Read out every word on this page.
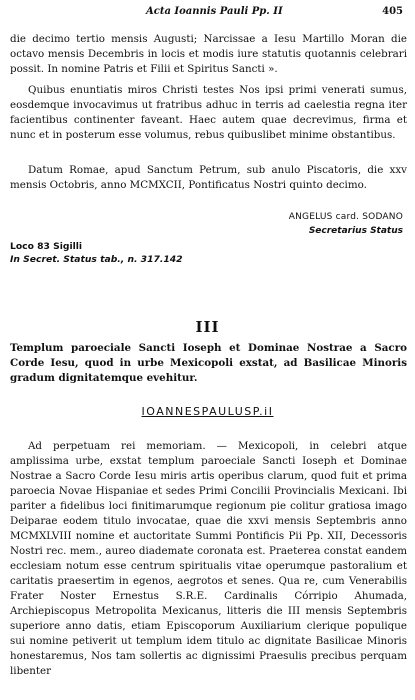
Acta Ioannis Pauli Pp. II	405

die decimo tertio mensis Augusti; Narcissae a Iesu Martillo Moran die octavo mensis Decembris in locis et modis iure statutis quotannis celebrari possit. In nomine Patris et Filii et Spiritus Sancti ».

Quibus enuntiatis miros Christi testes Nos ipsi primi venerati sumus, eosdemque invocavimus ut fratribus adhuc in terris ad caelestia regna iter facientibus continenter faveant. Haec autem quae decrevimus, firma et nunc et in posterum esse volumus, rebus quibuslibet minime obstantibus.

Datum Romae, apud Sanctum Petrum, sub anulo Piscatoris, die xxv mensis Octobris, anno MCMXCII, Pontificatus Nostri quinto decimo.

ANGELUS card. SODANO
Secretarius Status
Loco 83 Sigilli
In Secret. Status tab., n. 317.142
III

Templum paroeciale Sancti Ioseph et Dominae Nostrae a Sacro Corde Iesu, quod in urbe Mexicopoli exstat, ad Basilicae Minoris gradum dignitatemque evehitur.

IOANNESPAULUSP.iI

Ad perpetuam rei memoriam. — Mexicopoli, in celebri atque amplissima urbe, exstat templum paroeciale Sancti Ioseph et Dominae Nostrae a Sacro Corde Iesu miris artis operibus clarum, quod fuit et prima paroecia Novae Hispaniae et sedes Primi Concilii Provincialis Mexicani. Ibi pariter a fidelibus loci finitimarumque regionum pie colitur gratiosa imago Deiparae eodem titulo invocatae, quae die xxvi mensis Septembris anno MCMXLVIII nomine et auctoritate Summi Pontificis Pii Pp. XII, Decessoris Nostri rec. mem., aureo diademate coronata est. Praeterea constat eandem ecclesiam notum esse centrum spiritualis vitae operumque pastoralium et caritatis praesertim in egenos, aegrotos et senes. Qua re, cum Venerabilis Frater Noster Ernestus S.R.E. Cardinalis Córripio Ahumada, Archiepiscopus Metropolita Mexicanus, litteris die III mensis Septembris superiore anno datis, etiam Episcoporum Auxiliarium clerique populique sui nomine petiverit ut templum idem titulo ac dignitate Basilicae Minoris honestaremus, Nos tam sollertis ac dignissimi Praesulis precibus perquam libenter
